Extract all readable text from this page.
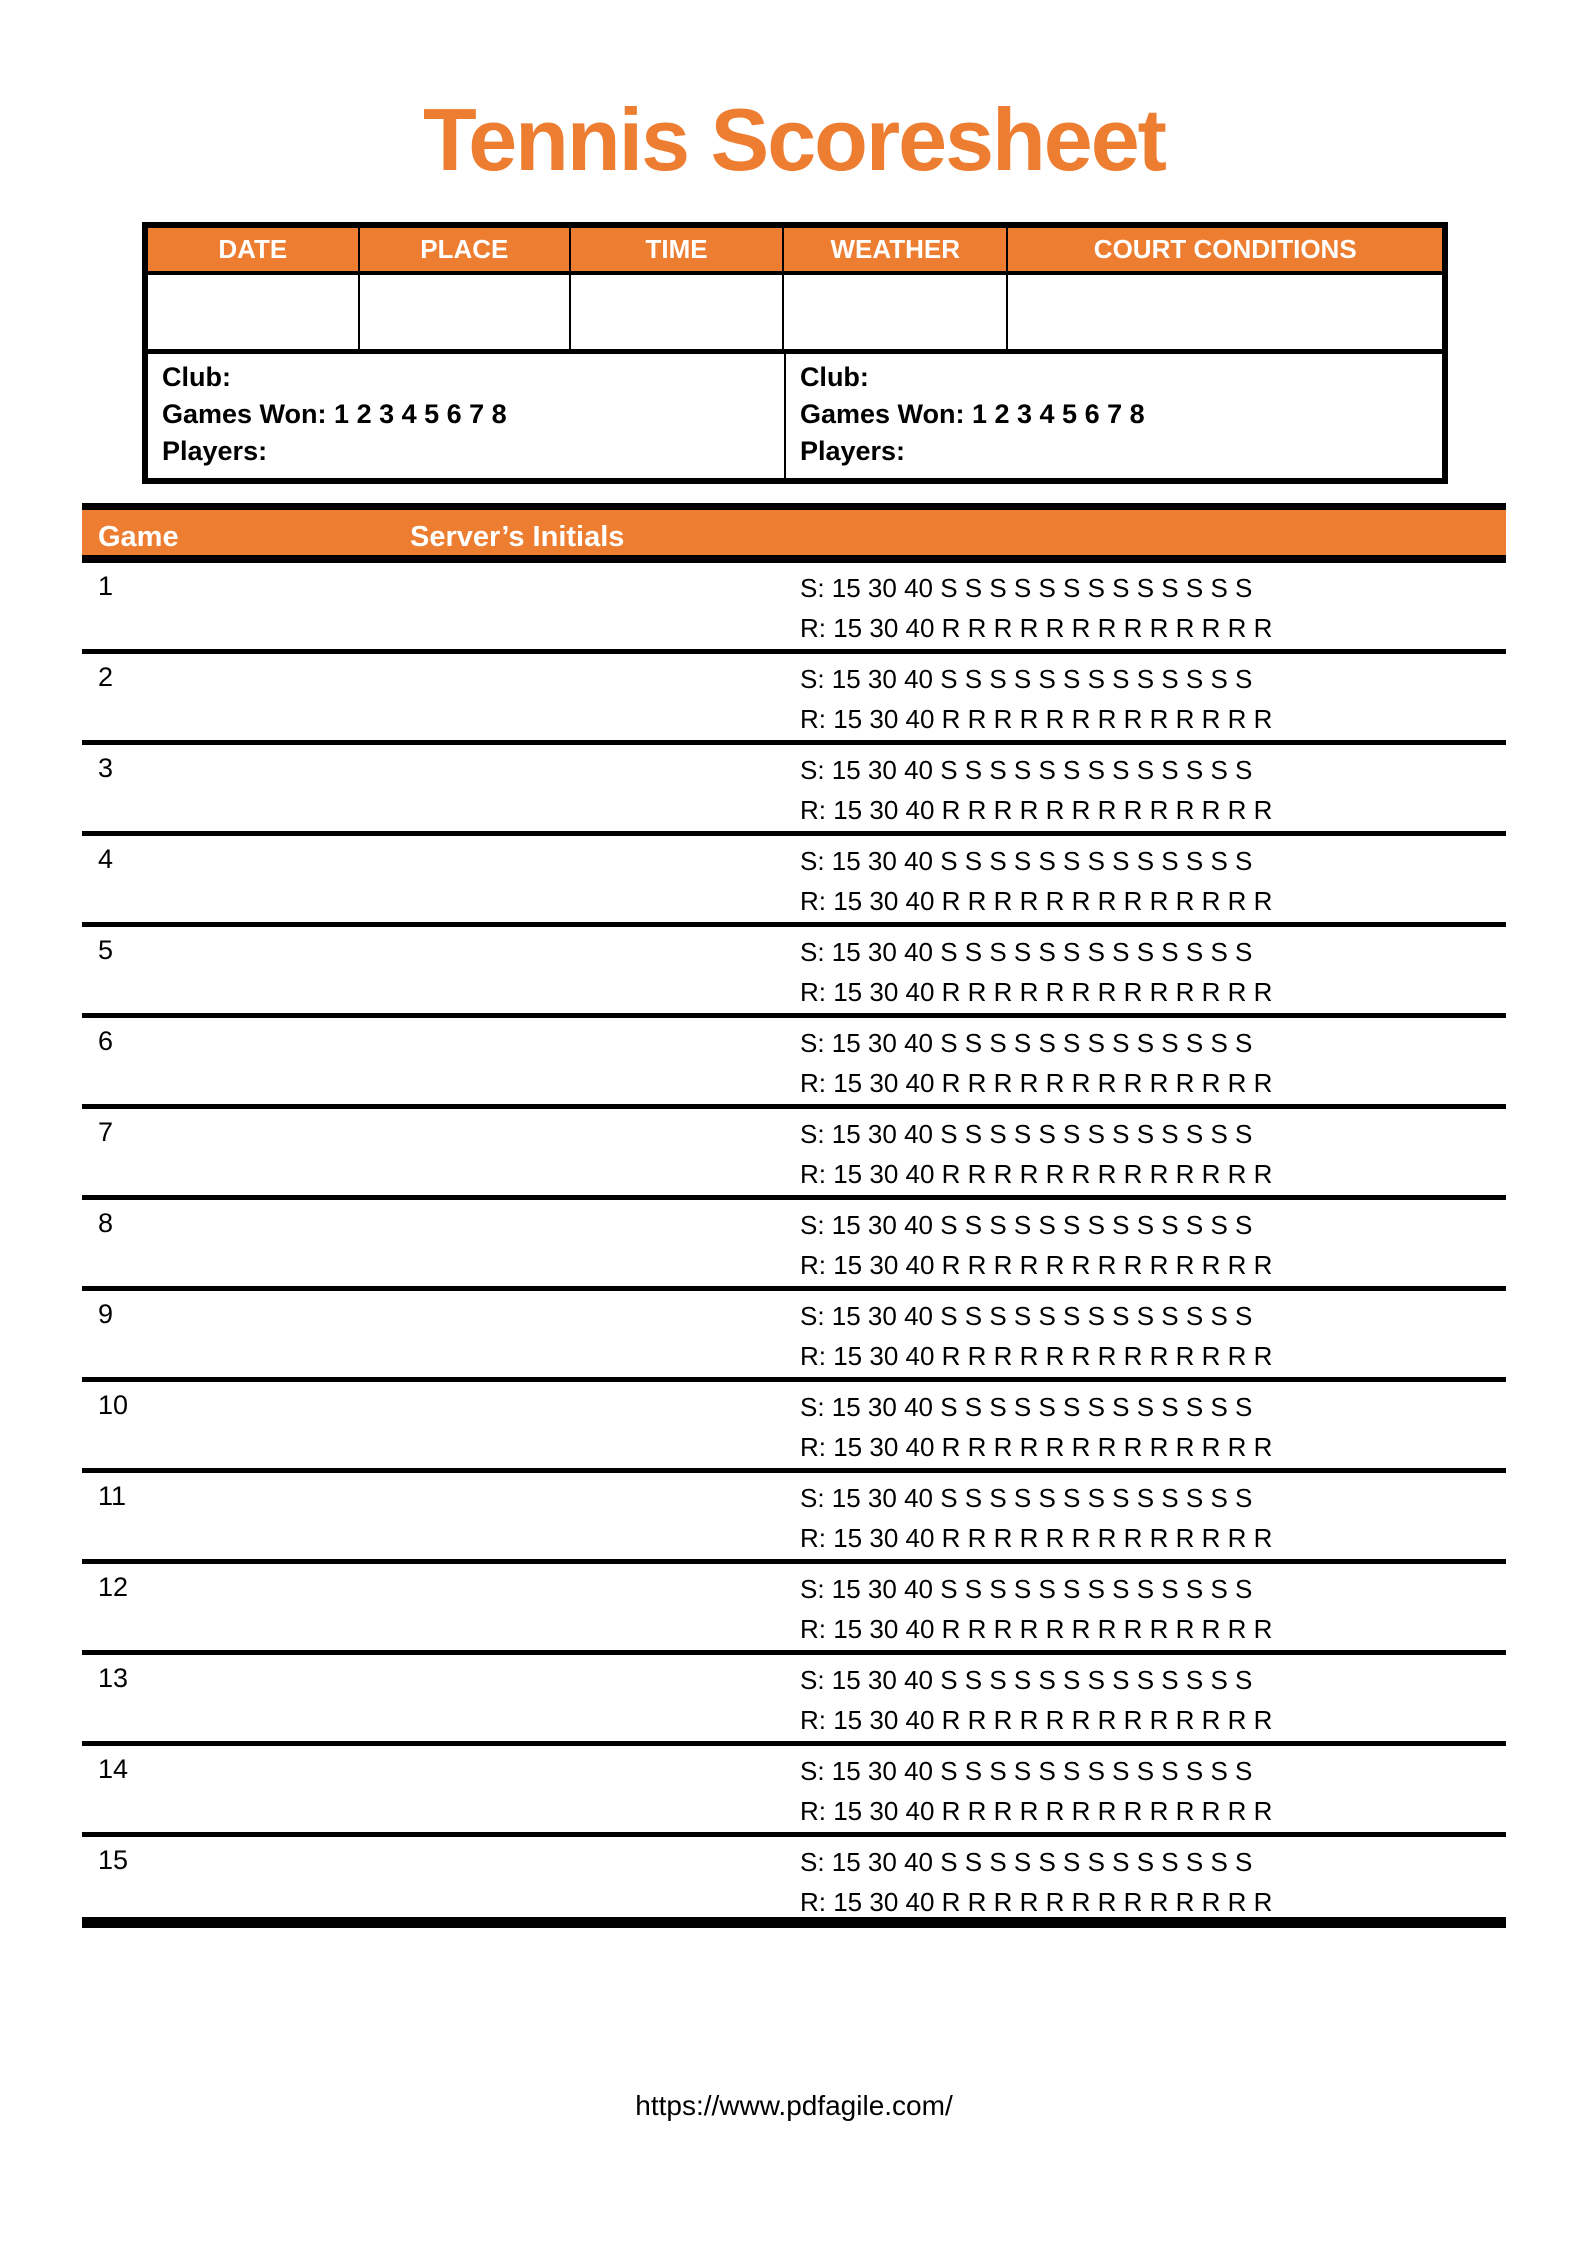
Tennis Scoresheet
DATE	PLACE	TIME	WEATHER	COURT CONDITIONS
Club:
Games Won: 1 2 3 4 5 6 7 8
Players:
Club:
Games Won: 1 2 3 4 5 6 7 8
Players:
Game	Server’s Initials
1	S: 15 30 40 S S S S S S S S S S S S S
R: 15 30 40 R R R R R R R R R R R R R
2	S: 15 30 40 S S S S S S S S S S S S S
R: 15 30 40 R R R R R R R R R R R R R
3	S: 15 30 40 S S S S S S S S S S S S S
R: 15 30 40 R R R R R R R R R R R R R
4	S: 15 30 40 S S S S S S S S S S S S S
R: 15 30 40 R R R R R R R R R R R R R
5	S: 15 30 40 S S S S S S S S S S S S S
R: 15 30 40 R R R R R R R R R R R R R
6	S: 15 30 40 S S S S S S S S S S S S S
R: 15 30 40 R R R R R R R R R R R R R
7	S: 15 30 40 S S S S S S S S S S S S S
R: 15 30 40 R R R R R R R R R R R R R
8	S: 15 30 40 S S S S S S S S S S S S S
R: 15 30 40 R R R R R R R R R R R R R
9	S: 15 30 40 S S S S S S S S S S S S S
R: 15 30 40 R R R R R R R R R R R R R
10	S: 15 30 40 S S S S S S S S S S S S S
R: 15 30 40 R R R R R R R R R R R R R
11	S: 15 30 40 S S S S S S S S S S S S S
R: 15 30 40 R R R R R R R R R R R R R
12	S: 15 30 40 S S S S S S S S S S S S S
R: 15 30 40 R R R R R R R R R R R R R
13	S: 15 30 40 S S S S S S S S S S S S S
R: 15 30 40 R R R R R R R R R R R R R
14	S: 15 30 40 S S S S S S S S S S S S S
R: 15 30 40 R R R R R R R R R R R R R
15	S: 15 30 40 S S S S S S S S S S S S S
R: 15 30 40 R R R R R R R R R R R R R
https://www.pdfagile.com/
